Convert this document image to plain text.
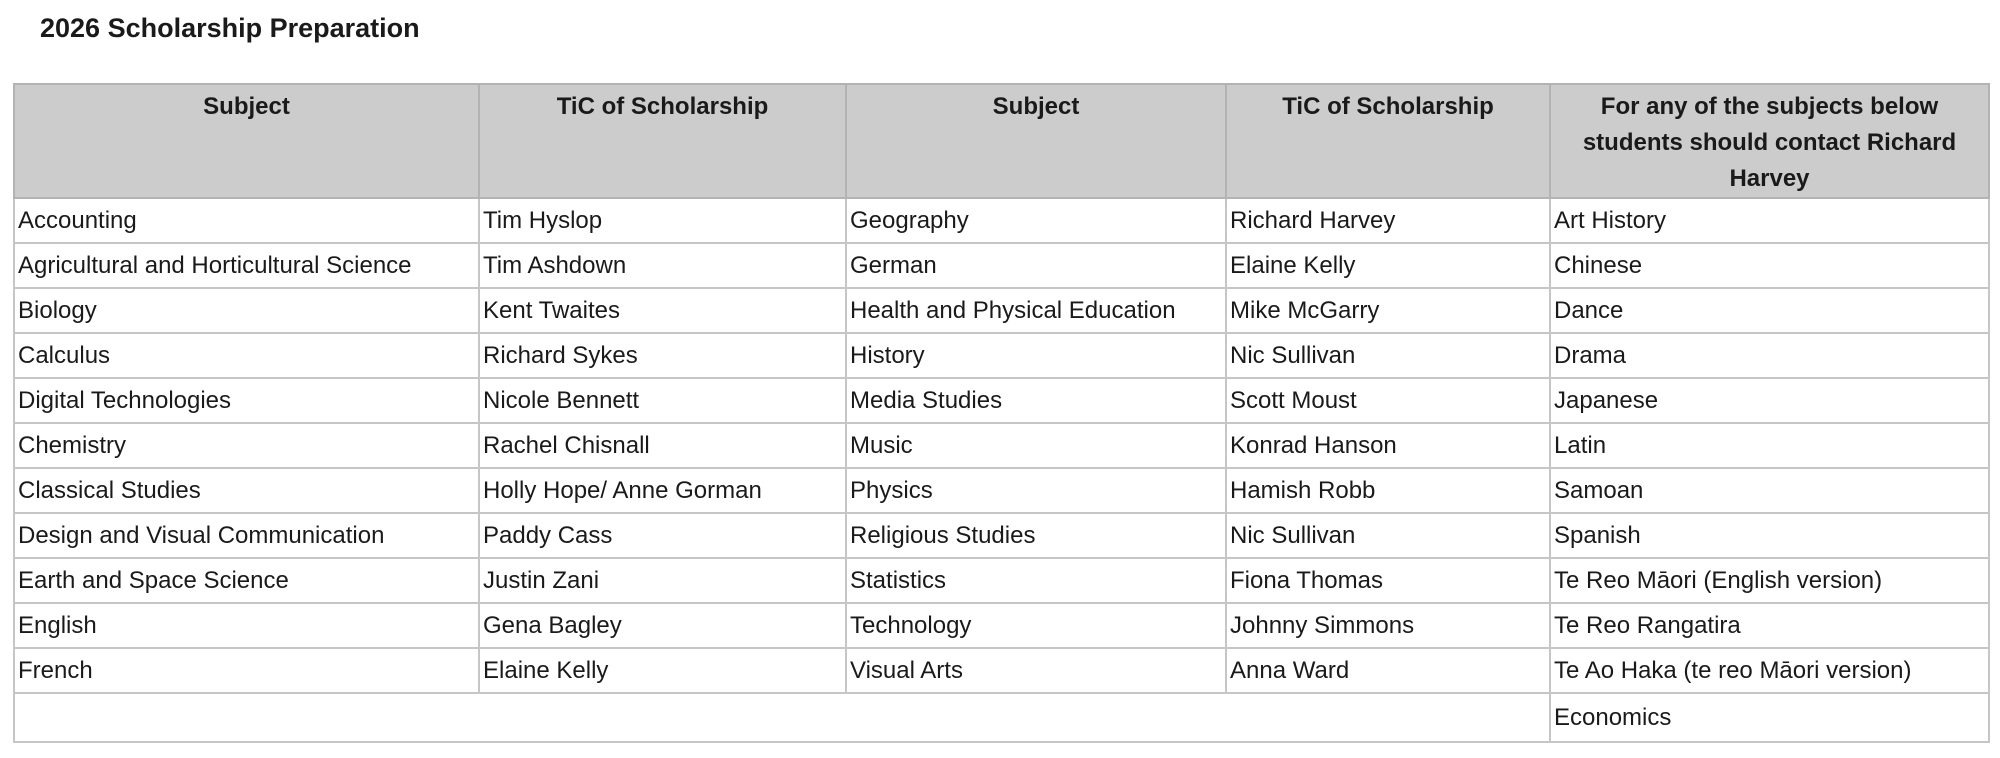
2026 Scholarship Preparation
Subject	TiC of Scholarship	Subject	TiC of Scholarship	For any of the subjects below students should contact Richard Harvey
Accounting	Tim Hyslop	Geography	Richard Harvey	Art History
Agricultural and Horticultural Science	Tim Ashdown	German	Elaine Kelly	Chinese
Biology	Kent Twaites	Health and Physical Education	Mike McGarry	Dance
Calculus	Richard Sykes	History	Nic Sullivan	Drama
Digital Technologies	Nicole Bennett	Media Studies	Scott Moust	Japanese
Chemistry	Rachel Chisnall	Music	Konrad Hanson	Latin
Classical Studies	Holly Hope/ Anne Gorman	Physics	Hamish Robb	Samoan
Design and Visual Communication	Paddy Cass	Religious Studies	Nic Sullivan	Spanish
Earth and Space Science	Justin Zani	Statistics	Fiona Thomas	Te Reo Māori (English version)
English	Gena Bagley	Technology	Johnny Simmons	Te Reo Rangatira
French	Elaine Kelly	Visual Arts	Anna Ward	Te Ao Haka (te reo Māori version)
				Economics
